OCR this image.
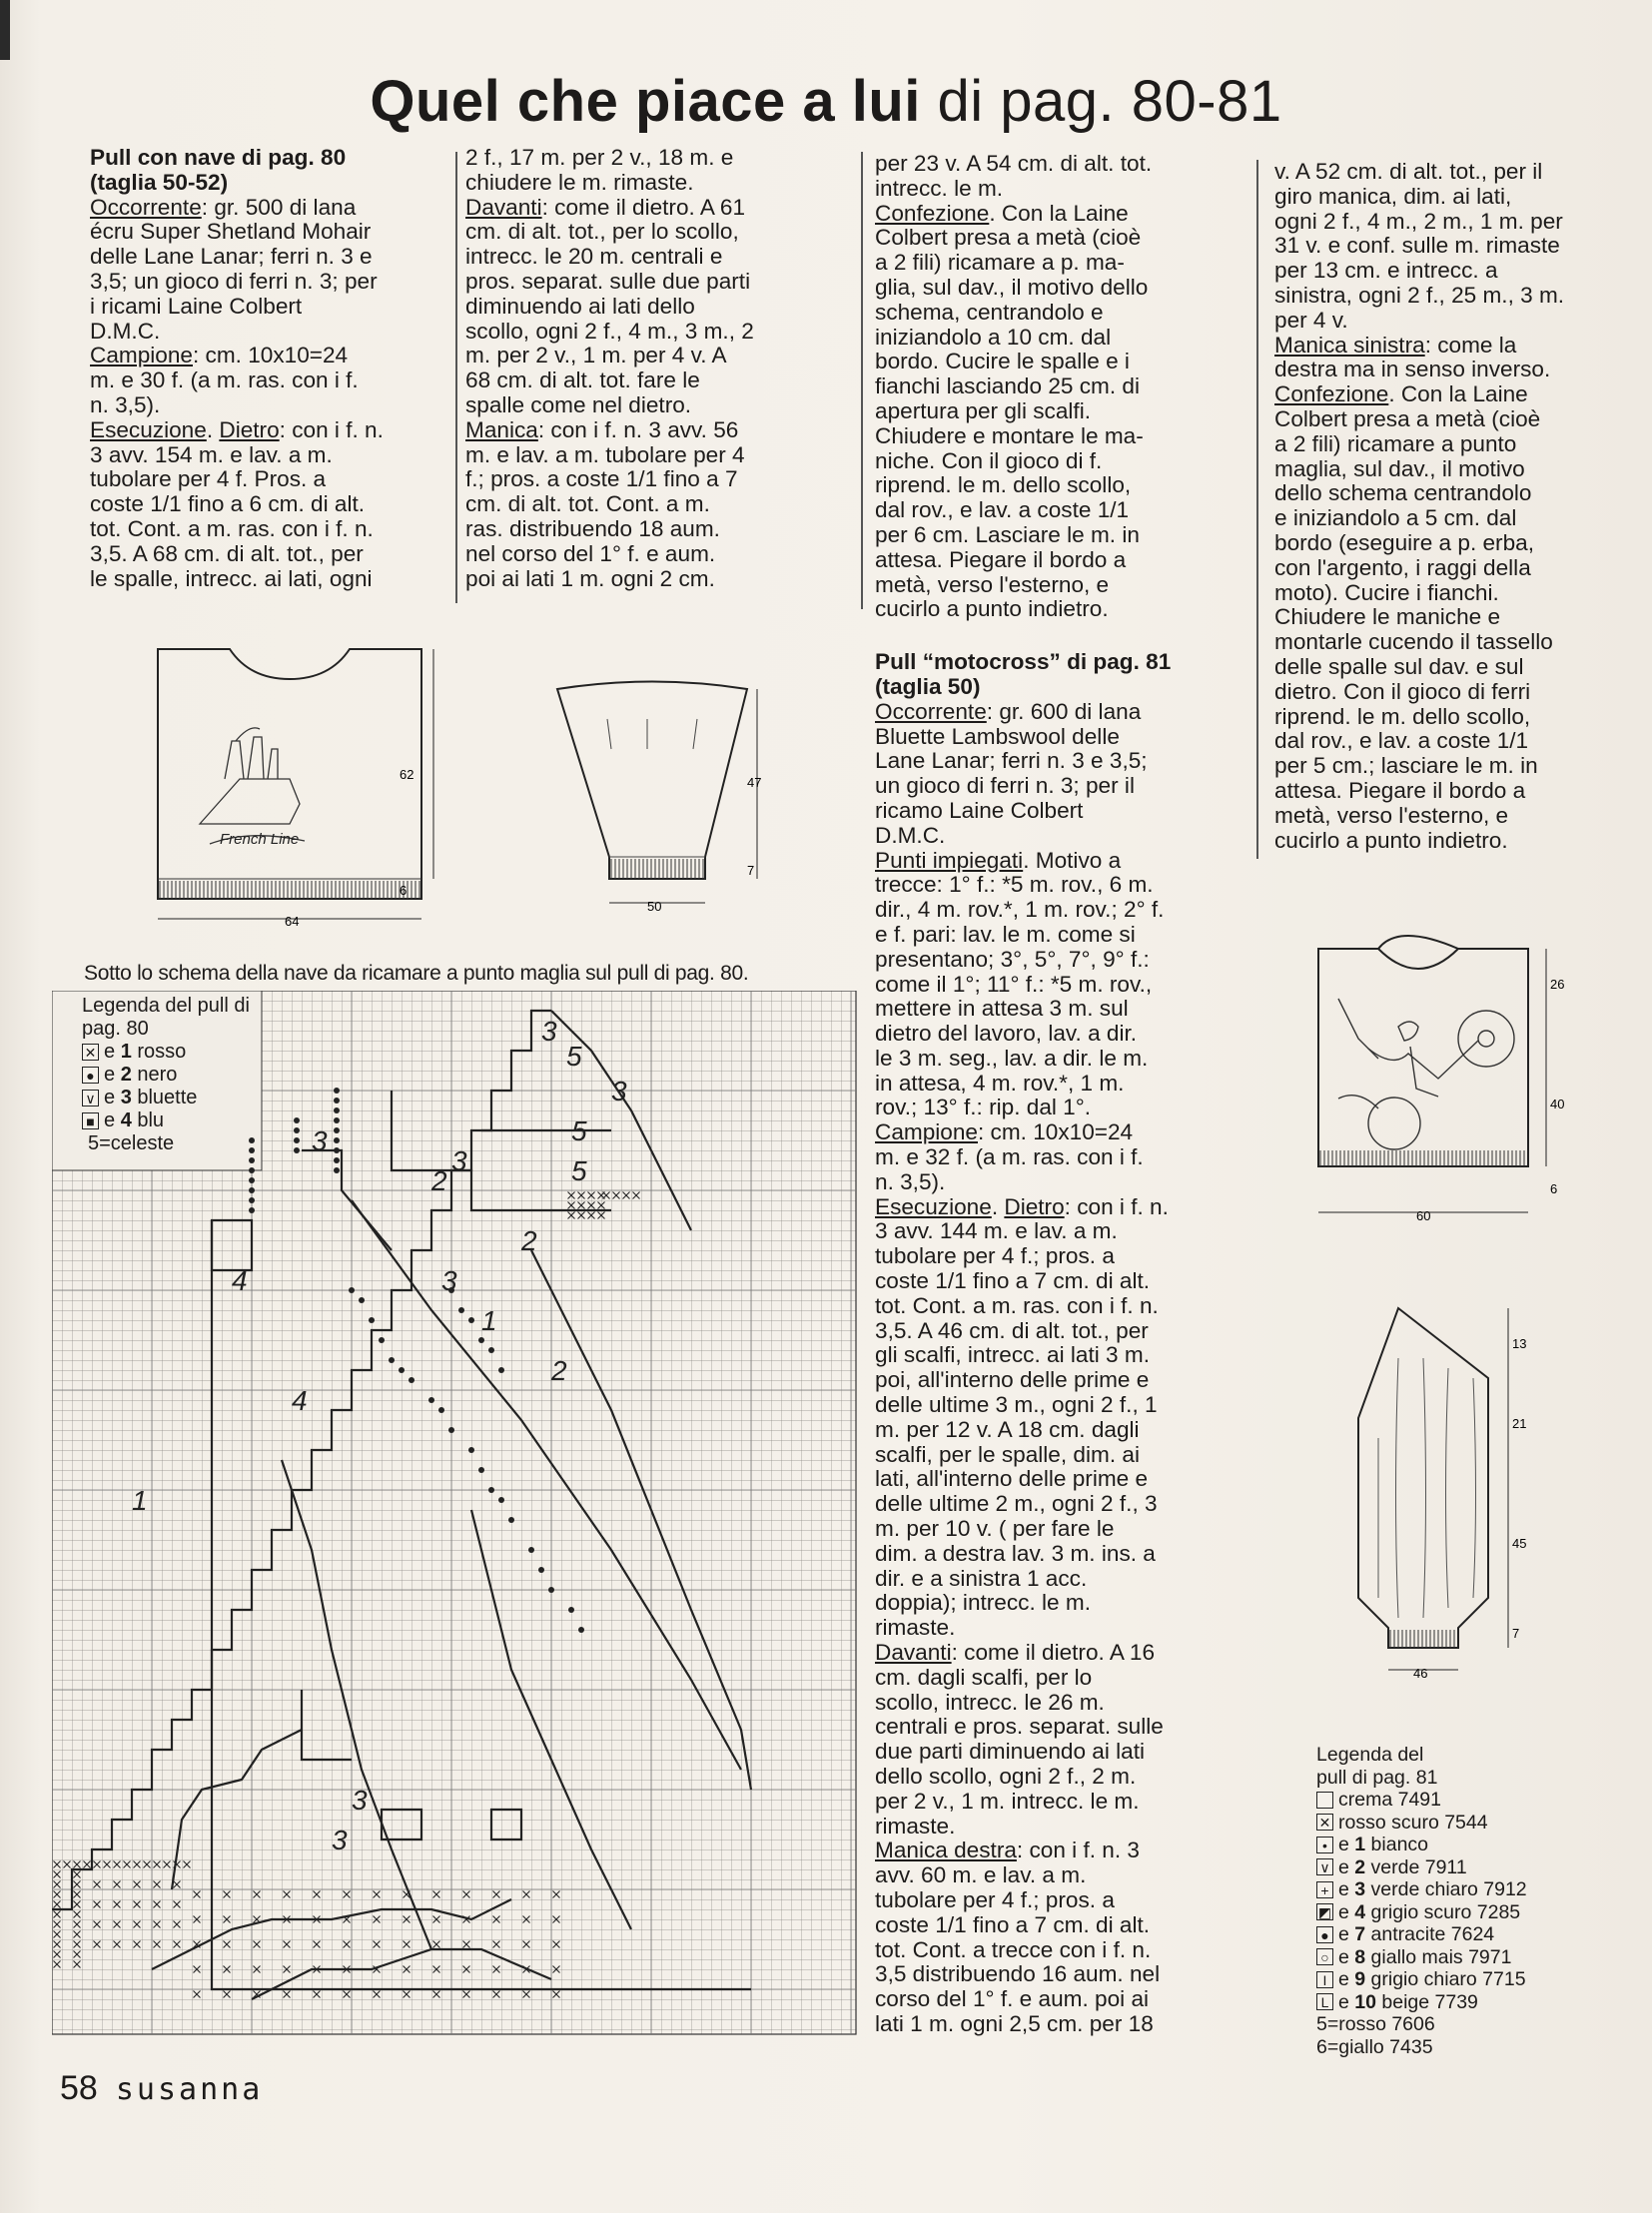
Quel che piace a lui di pag. 80-81

Pull con nave di pag. 80

(taglia 50-52)

Occorrente: gr. 500 di lana

écru Super Shetland Mohair

delle Lane Lanar; ferri n. 3 e

3,5; un gioco di ferri n. 3; per

i ricami Laine Colbert

D.M.C.

Campione: cm. 10x10=24

m. e 30 f. (a m. ras. con i f.

n. 3,5).

Esecuzione. Dietro: con i f. n.

3 avv. 154 m. e lav. a m.

tubolare per 4 f. Pros. a

coste 1/1 fino a 6 cm. di alt.

tot. Cont. a m. ras. con i f. n.

3,5. A 68 cm. di alt. tot., per

le spalle, intrecc. ai lati, ogni

2 f., 17 m. per 2 v., 18 m. e

chiudere le m. rimaste.

Davanti: come il dietro. A 61

cm. di alt. tot., per lo scollo,

intrecc. le 20 m. centrali e

pros. separat. sulle due parti

diminuendo ai lati dello

scollo, ogni 2 f., 4 m., 3 m., 2

m. per 2 v., 1 m. per 4 v. A

68 cm. di alt. tot. fare le

spalle come nel dietro.

Manica: con i f. n. 3 avv. 56

m. e lav. a m. tubolare per 4

f.; pros. a coste 1/1 fino a 7

cm. di alt. tot. Cont. a m.

ras. distribuendo 18 aum.

nel corso del 1° f. e aum.

poi ai lati 1 m. ogni 2 cm.

per 23 v. A 54 cm. di alt. tot.

intrecc. le m.

Confezione. Con la Laine

Colbert presa a metà (cioè

a 2 fili) ricamare a p. ma-

glia, sul dav., il motivo dello

schema, centrandolo e

iniziandolo a 10 cm. dal

bordo. Cucire le spalle e i

fianchi lasciando 25 cm. di

apertura per gli scalfi.

Chiudere e montare le ma-

niche. Con il gioco di f.

riprend. le m. dello scollo,

dal rov., e lav. a coste 1/1

per 6 cm. Lasciare le m. in

attesa. Piegare il bordo a

metà, verso l'esterno, e

cucirlo a punto indietro.

Pull “motocross” di pag. 81

(taglia 50)

Occorrente: gr. 600 di lana

Bluette Lambswool delle

Lane Lanar; ferri n. 3 e 3,5;

un gioco di ferri n. 3; per il

ricamo Laine Colbert

D.M.C.

Punti impiegati. Motivo a

trecce: 1° f.: *5 m. rov., 6 m.

dir., 4 m. rov.*, 1 m. rov.; 2° f.

e f. pari: lav. le m. come si

presentano; 3°, 5°, 7°, 9° f.:

come il 1°; 11° f.: *5 m. rov.,

mettere in attesa 3 m. sul

dietro del lavoro, lav. a dir.

le 3 m. seg., lav. a dir. le m.

in attesa, 4 m. rov.*, 1 m.

rov.; 13° f.: rip. dal 1°.

Campione: cm. 10x10=24

m. e 32 f. (a m. ras. con i f.

n. 3,5).

Esecuzione. Dietro: con i f. n.

3 avv. 144 m. e lav. a m.

tubolare per 4 f.; pros. a

coste 1/1 fino a 7 cm. di alt.

tot. Cont. a m. ras. con i f. n.

3,5. A 46 cm. di alt. tot., per

gli scalfi, intrecc. ai lati 3 m.

poi, all'interno delle prime e

delle ultime 3 m., ogni 2 f., 1

m. per 12 v. A 18 cm. dagli

scalfi, per le spalle, dim. ai

lati, all'interno delle prime e

delle ultime 2 m., ogni 2 f., 3

m. per 10 v. ( per fare le

dim. a destra lav. 3 m. ins. a

dir. e a sinistra 1 acc.

doppia); intrecc. le m.

rimaste.

Davanti: come il dietro. A 16

cm. dagli scalfi, per lo

scollo, intrecc. le 26 m.

centrali e pros. separat. sulle

due parti diminuendo ai lati

dello scollo, ogni 2 f., 2 m.

per 2 v., 1 m. intrecc. le m.

rimaste.

Manica destra: con i f. n. 3

avv. 60 m. e lav. a m.

tubolare per 4 f.; pros. a

coste 1/1 fino a 7 cm. di alt.

tot. Cont. a trecce con i f. n.

3,5 distribuendo 16 aum. nel

corso del 1° f. e aum. poi ai

lati 1 m. ogni 2,5 cm. per 18

v. A 52 cm. di alt. tot., per il

giro manica, dim. ai lati,

ogni 2 f., 4 m., 2 m., 1 m. per

31 v. e conf. sulle m. rimaste

per 13 cm. e intrecc. a

sinistra, ogni 2 f., 25 m., 3 m.

per 4 v.

Manica sinistra: come la

destra ma in senso inverso.

Confezione. Con la Laine

Colbert presa a metà (cioè

a 2 fili) ricamare a punto

maglia, sul dav., il motivo

dello schema centrandolo

e iniziandolo a 5 cm. dal

bordo (eseguire a p. erba,

con l'argento, i raggi della

moto). Cucire i fianchi.

Chiudere le maniche e

montarle cucendo il tassello

delle spalle sul dav. e sul

dietro. Con il gioco di ferri

riprend. le m. dello scollo,

dal rov., e lav. a coste 1/1

per 5 cm.; lasciare le m. in

attesa. Piegare il bordo a

metà, verso l'esterno, e

cucirlo a punto indietro.

French Line
62
6
64
47
7
50
Sotto lo schema della nave da ricamare a punto maglia sul pull di pag. 80.
3
5
3
5
3
3
2	5
2
3
4
1
2
4
1
3
3
Legenda del pull di
pag. 80
✕ e 1 rosso
● e 2 nero
∨ e 3 bluette
■ e 4 blu
5=celeste
26
40
6
60
13
21
45
7
46
Legenda del
pull di pag. 81
crema 7491
✕ rosso scuro 7544
• e 1 bianco
∨ e 2 verde 7911
+ e 3 verde chiaro 7912
◩ e 4 grigio scuro 7285
● e 7 antracite 7624
○ e 8 giallo mais 7971
I e 9 grigio chiaro 7715
L e 10 beige 7739
5=rosso 7606
6=giallo 7435
58 susanna
